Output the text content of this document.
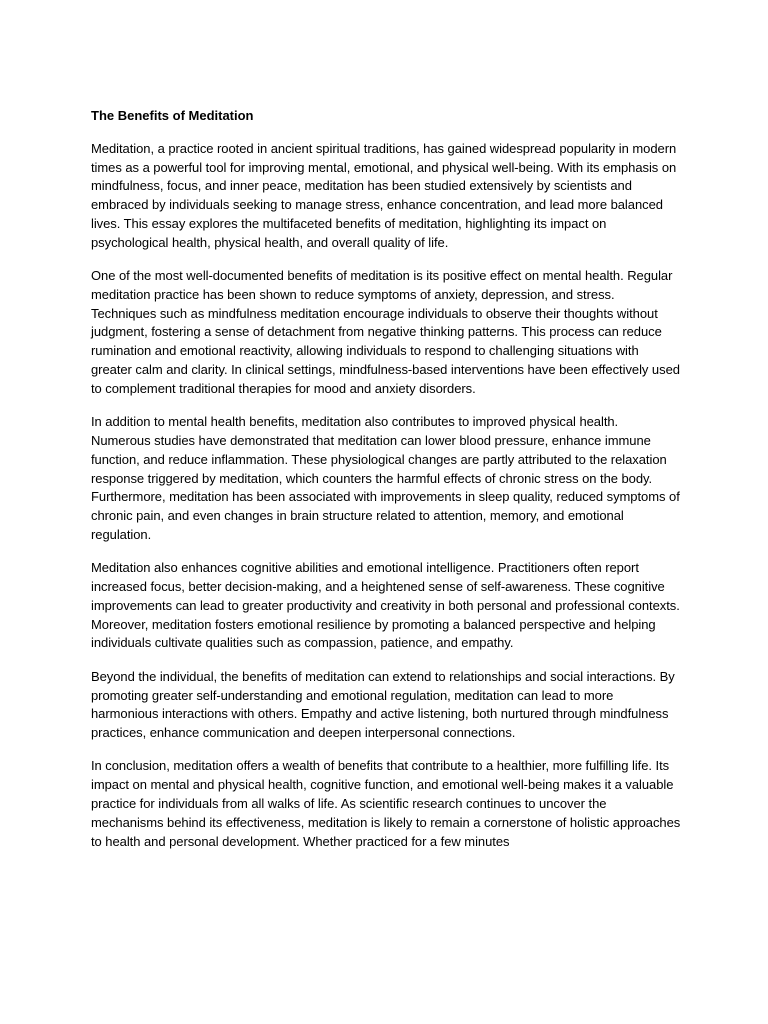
The Benefits of Meditation

Meditation, a practice rooted in ancient spiritual traditions, has gained widespread popularity in modern times as a powerful tool for improving mental, emotional, and physical well-being. With its emphasis on mindfulness, focus, and inner peace, meditation has been studied extensively by scientists and embraced by individuals seeking to manage stress, enhance concentration, and lead more balanced lives. This essay explores the multifaceted benefits of meditation, highlighting its impact on psychological health, physical health, and overall quality of life.

One of the most well-documented benefits of meditation is its positive effect on mental health. Regular meditation practice has been shown to reduce symptoms of anxiety, depression, and stress. Techniques such as mindfulness meditation encourage individuals to observe their thoughts without judgment, fostering a sense of detachment from negative thinking patterns. This process can reduce rumination and emotional reactivity, allowing individuals to respond to challenging situations with greater calm and clarity. In clinical settings, mindfulness-based interventions have been effectively used to complement traditional therapies for mood and anxiety disorders.

In addition to mental health benefits, meditation also contributes to improved physical health. Numerous studies have demonstrated that meditation can lower blood pressure, enhance immune function, and reduce inflammation. These physiological changes are partly attributed to the relaxation response triggered by meditation, which counters the harmful effects of chronic stress on the body. Furthermore, meditation has been associated with improvements in sleep quality, reduced symptoms of chronic pain, and even changes in brain structure related to attention, memory, and emotional regulation.

Meditation also enhances cognitive abilities and emotional intelligence. Practitioners often report increased focus, better decision-making, and a heightened sense of self-awareness. These cognitive improvements can lead to greater productivity and creativity in both personal and professional contexts. Moreover, meditation fosters emotional resilience by promoting a balanced perspective and helping individuals cultivate qualities such as compassion, patience, and empathy.

Beyond the individual, the benefits of meditation can extend to relationships and social interactions. By promoting greater self-understanding and emotional regulation, meditation can lead to more harmonious interactions with others. Empathy and active listening, both nurtured through mindfulness practices, enhance communication and deepen interpersonal connections.

In conclusion, meditation offers a wealth of benefits that contribute to a healthier, more fulfilling life. Its impact on mental and physical health, cognitive function, and emotional well-being makes it a valuable practice for individuals from all walks of life. As scientific research continues to uncover the mechanisms behind its effectiveness, meditation is likely to remain a cornerstone of holistic approaches to health and personal development. Whether practiced for a few minutes
